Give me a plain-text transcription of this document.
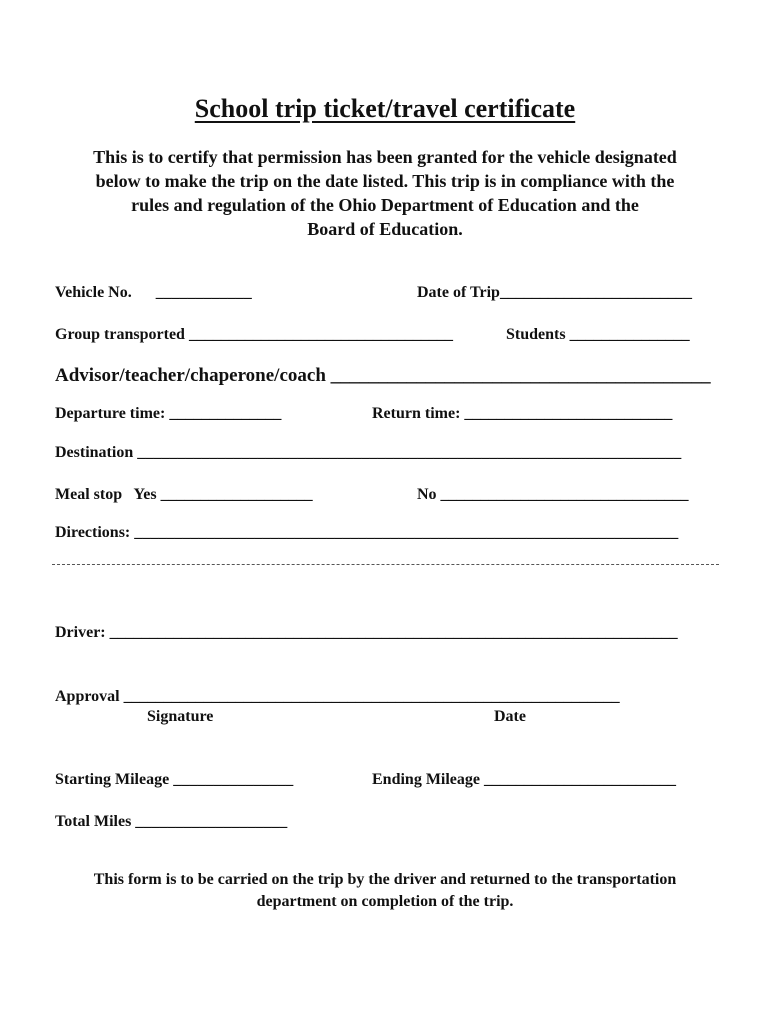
School trip ticket/travel certificate
This is to certify that permission has been granted for the vehicle designated
below to make the trip on the date listed. This trip is in compliance with the
rules and regulation of the Ohio Department of Education and the
Board of Education.
Vehicle No.      ____________	Date of Trip________________________
Group transported _________________________________	Students _______________
Advisor/teacher/chaperone/coach ________________________________________
Departure time: ______________	Return time: __________________________
Destination ____________________________________________________________________
Meal stop   Yes ___________________	No _______________________________
Directions: ____________________________________________________________________
Driver: _______________________________________________________________________
Approval ______________________________________________________________
Signature	Date
Starting Mileage _______________	Ending Mileage ________________________
Total Miles ___________________
This form is to be carried on the trip by the driver and returned to the transportation
department on completion of the trip.
